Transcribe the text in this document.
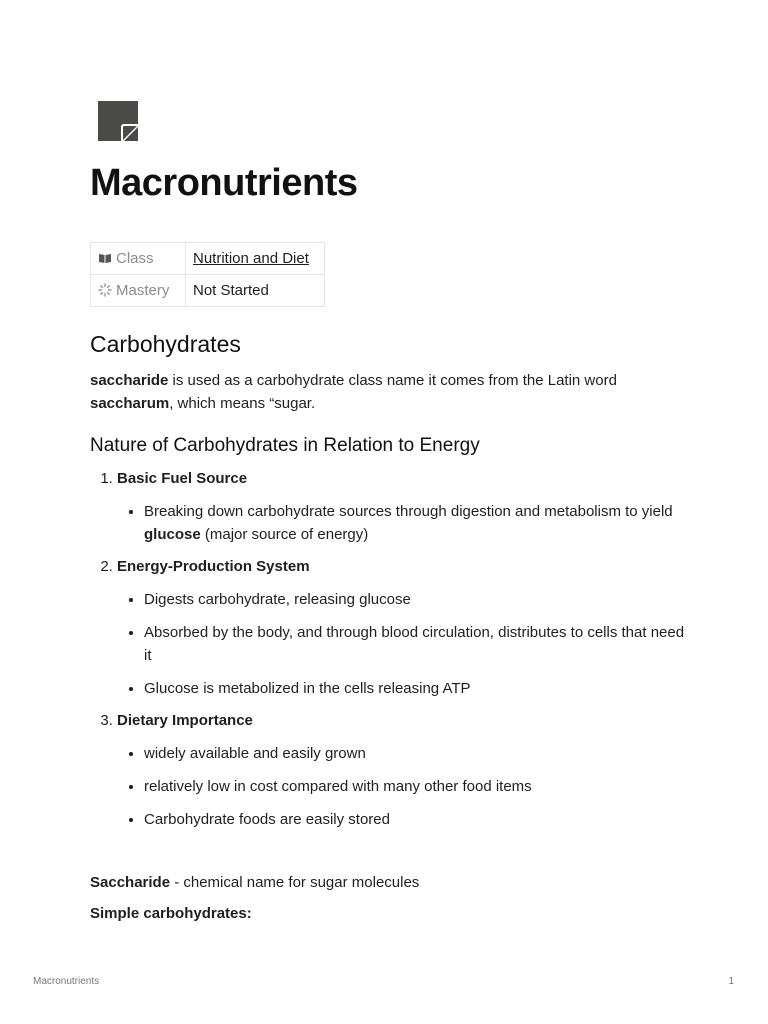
Macronutrients
Class	Nutrition and Diet
Mastery	Not Started
Carbohydrates

saccharide is used as a carbohydrate class name it comes from the Latin word saccharum, which means “sugar.

Nature of Carbohydrates in Relation to Energy
1. Basic Fuel Source
• Breaking down carbohydrate sources through digestion and metabolism to yield glucose (major source of energy)
2. Energy-Production System
• Digests carbohydrate, releasing glucose
• Absorbed by the body, and through blood circulation, distributes to cells that need it
• Glucose is metabolized in the cells releasing ATP
3. Dietary Importance
• widely available and easily grown
• relatively low in cost compared with many other food items
• Carbohydrate foods are easily stored

Saccharide - chemical name for sugar molecules

Simple carbohydrates:

Macronutrients	1
